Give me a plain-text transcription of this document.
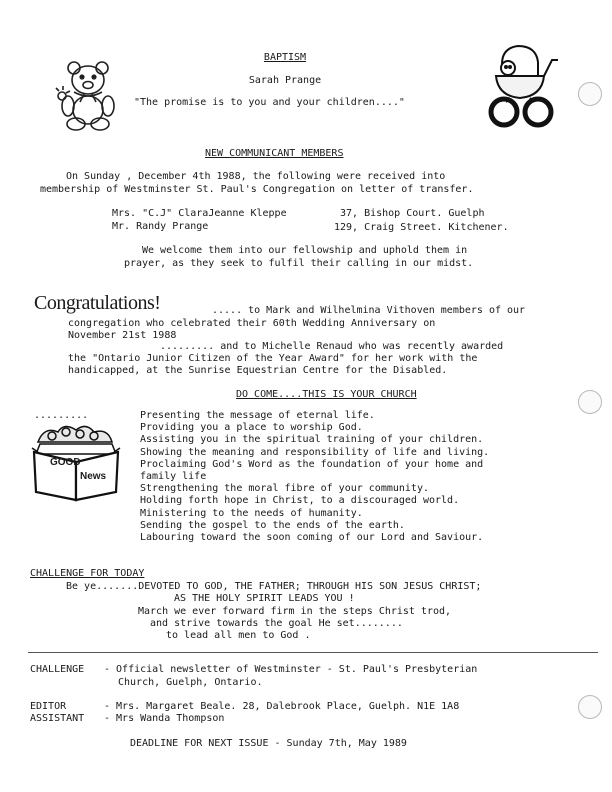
BAPTISM
Sarah Prange
"The promise is to you and your children...."
NEW COMMUNICANT MEMBERS
On Sunday , December 4th 1988, the following were received into
membership of Westminster St. Paul's Congregation on letter of transfer.
Mrs. "C.J" ClaraJeanne Kleppe	37, Bishop Court. Guelph
Mr. Randy Prange	129, Craig Street. Kitchener.
We welcome them into our fellowship and uphold them in
prayer, as they seek to fulfil their calling in our midst.
Congratulations!	..... to Mark and Wilhelmina Vithoven members of our
congregation who celebrated their 60th Wedding Anniversary on
November 21st 1988
......... and to Michelle Renaud who was recently awarded
the "Ontario Junior Citizen of the Year Award" for her work with the
handicapped, at the Sunrise Equestrian Centre for the Disabled.
DO COME....THIS IS YOUR CHURCH
.........
GOOD
News
Presenting the message of eternal life.
Providing you a place to worship God.
Assisting you in the spiritual training of your children.
Showing the meaning and responsibility of life and living.
Proclaiming God's Word as the foundation of your home and
family life
Strengthening the moral fibre of your community.
Holding forth hope in Christ, to a discouraged world.
Ministering to the needs of humanity.
Sending the gospel to the ends of the earth.
Labouring toward the soon coming of our Lord and Saviour.
CHALLENGE FOR TODAY
Be ye.......DEVOTED TO GOD, THE FATHER; THROUGH HIS SON JESUS CHRIST;
AS THE HOLY SPIRIT LEADS YOU !
March we ever forward firm in the steps Christ trod,
and strive towards the goal He set........
to lead all men to God .
CHALLENGE - Official newsletter of Westminster - St. Paul's Presbyterian
Church, Guelph, Ontario.
EDITOR	- Mrs. Margaret Beale. 28, Dalebrook Place, Guelph. N1E 1A8
ASSISTANT - Mrs Wanda Thompson
DEADLINE FOR NEXT ISSUE - Sunday 7th, May 1989
